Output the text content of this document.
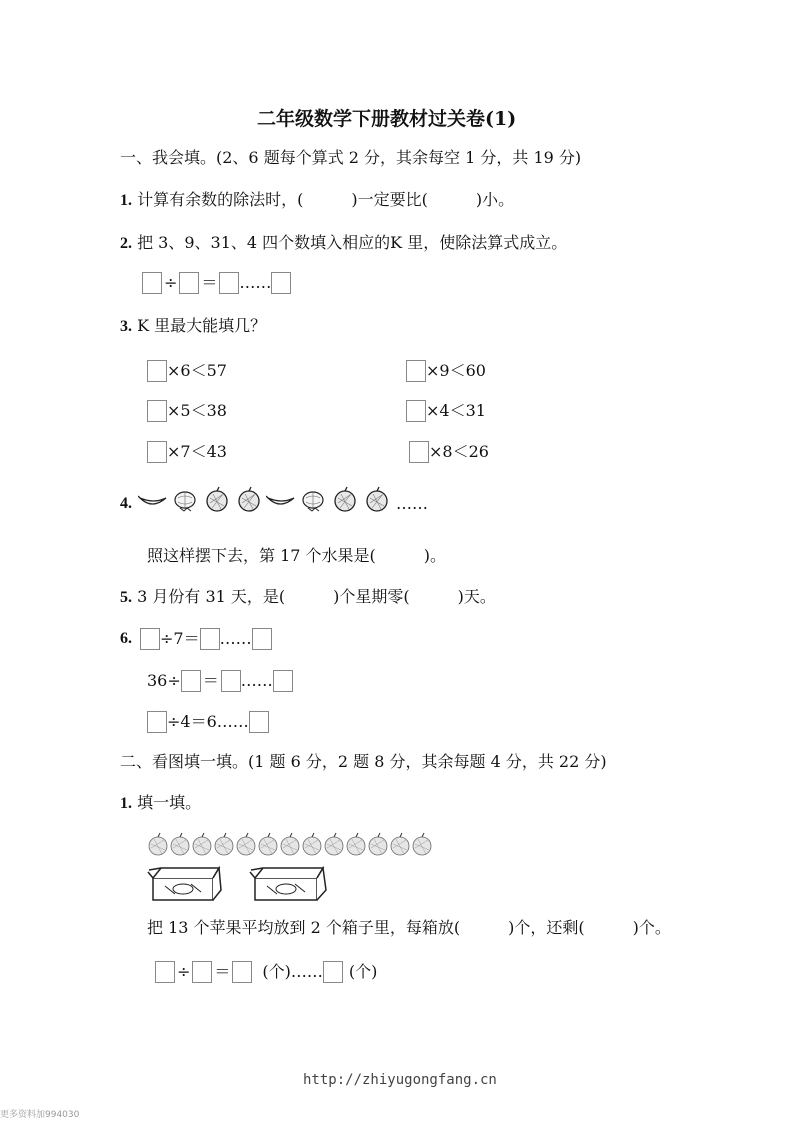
二年级数学下册教材过关卷(1)
一、我会填。(2、6 题每个算式 2 分，其余每空 1 分，共 19 分)
1. 计算有余数的除法时，(　　　)一定要比(　　　)小。
2. 把 3、9、31、4 四个数填入相应的K 里，使除法算式成立。
÷ ＝ ……
3. K 里最大能填几？
×6＜57	×9＜60
×5＜38	×4＜31
×7＜43	×8＜26
4.	……
照这样摆下去，第 17 个水果是(　　　)。
5. 3 月份有 31 天，是(　　　)个星期零(　　　)天。
6. ÷7＝ ……
36÷ ＝ ……
÷4＝6……
二、看图填一填。(1 题 6 分，2 题 8 分，其余每题 4 分，共 22 分)
1. 填一填。
把 13 个苹果平均放到 2 个箱子里，每箱放(　　　)个，还剩(　　　)个。
÷ ＝ (个)…… (个)
http://zhiyugongfang.cn
更多资料加994030
